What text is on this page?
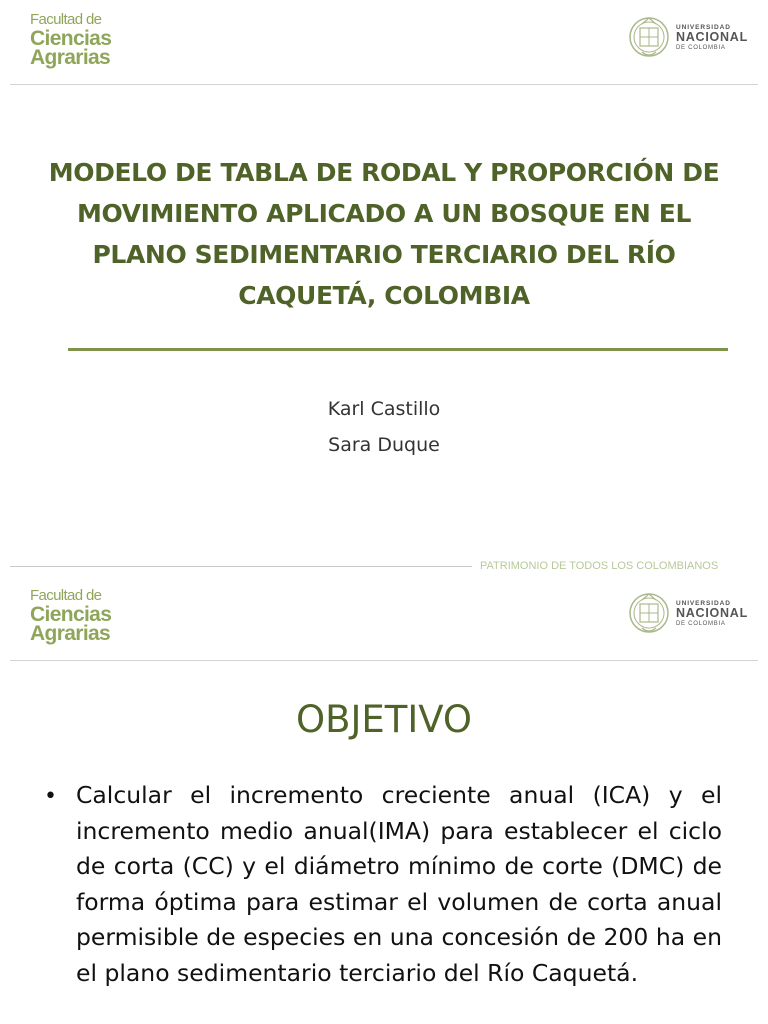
Facultad de
Ciencias
Agrarias
UNIVERSIDAD
NACIONAL
DE COLOMBIA
MODELO DE TABLA DE RODAL Y PROPORCIÓN DE MOVIMIENTO APLICADO A UN BOSQUE EN EL PLANO SEDIMENTARIO TERCIARIO DEL RÍO CAQUETÁ, COLOMBIA
Karl Castillo
Sara Duque
PATRIMONIO DE TODOS LOS COLOMBIANOS
Facultad de
Ciencias
Agrarias
UNIVERSIDAD
NACIONAL
DE COLOMBIA
OBJETIVO
• Calcular el incremento creciente anual (ICA) y el incremento medio anual(IMA) para establecer el ciclo de corta (CC) y el diámetro mínimo de corte (DMC) de forma óptima para estimar el volumen de corta anual permisible de especies en una concesión de 200 ha en el plano sedimentario terciario del Río Caquetá.
